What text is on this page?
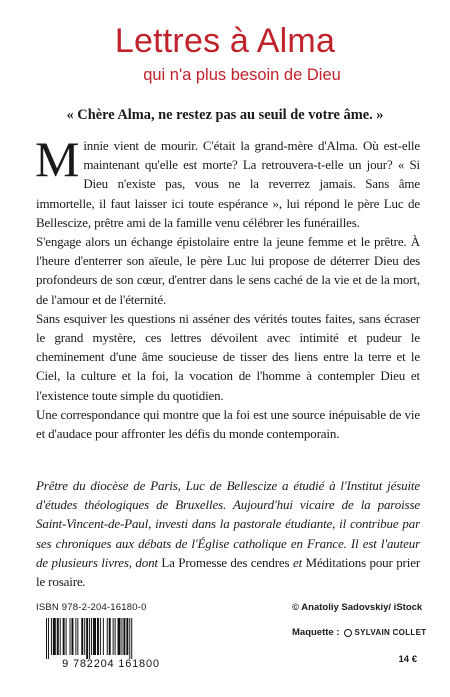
Lettres à Alma
qui n'a plus besoin de Dieu
« Chère Alma, ne restez pas au seuil de votre âme. »

Minnie vient de mourir. C'était la grand-mère d'Alma. Où est-elle maintenant qu'elle est morte? La retrouvera-t-elle un jour? « Si Dieu n'existe pas, vous ne la reverrez jamais. Sans âme immortelle, il faut laisser ici toute espérance », lui répond le père Luc de Bellescize, prêtre ami de la famille venu célébrer les funérailles.

S'engage alors un échange épistolaire entre la jeune femme et le prêtre. À l'heure d'enterrer son aïeule, le père Luc lui propose de déterrer Dieu des profondeurs de son cœur, d'entrer dans le sens caché de la vie et de la mort, de l'amour et de l'éternité.

Sans esquiver les questions ni asséner des vérités toutes faites, sans écraser le grand mystère, ces lettres dévoilent avec intimité et pudeur le cheminement d'une âme soucieuse de tisser des liens entre la terre et le Ciel, la culture et la foi, la vocation de l'homme à contempler Dieu et l'existence toute simple du quotidien.

Une correspondance qui montre que la foi est une source inépuisable de vie et d'audace pour affronter les défis du monde contemporain.

Prêtre du diocèse de Paris, Luc de Bellescize a étudié à l'Institut jésuite d'études théologiques de Bruxelles. Aujourd'hui vicaire de la paroisse Saint-Vincent-de-Paul, investi dans la pastorale étudiante, il contribue par ses chroniques aux débats de l'Église catholique en France. Il est l'auteur de plusieurs livres, dont La Promesse des cendres et Méditations pour prier le rosaire.
ISBN 978-2-204-16180-0
9 782204 161800
© Anatoliy Sadovskiy/ iStock
Maquette : SYLVAIN COLLET
14 €
